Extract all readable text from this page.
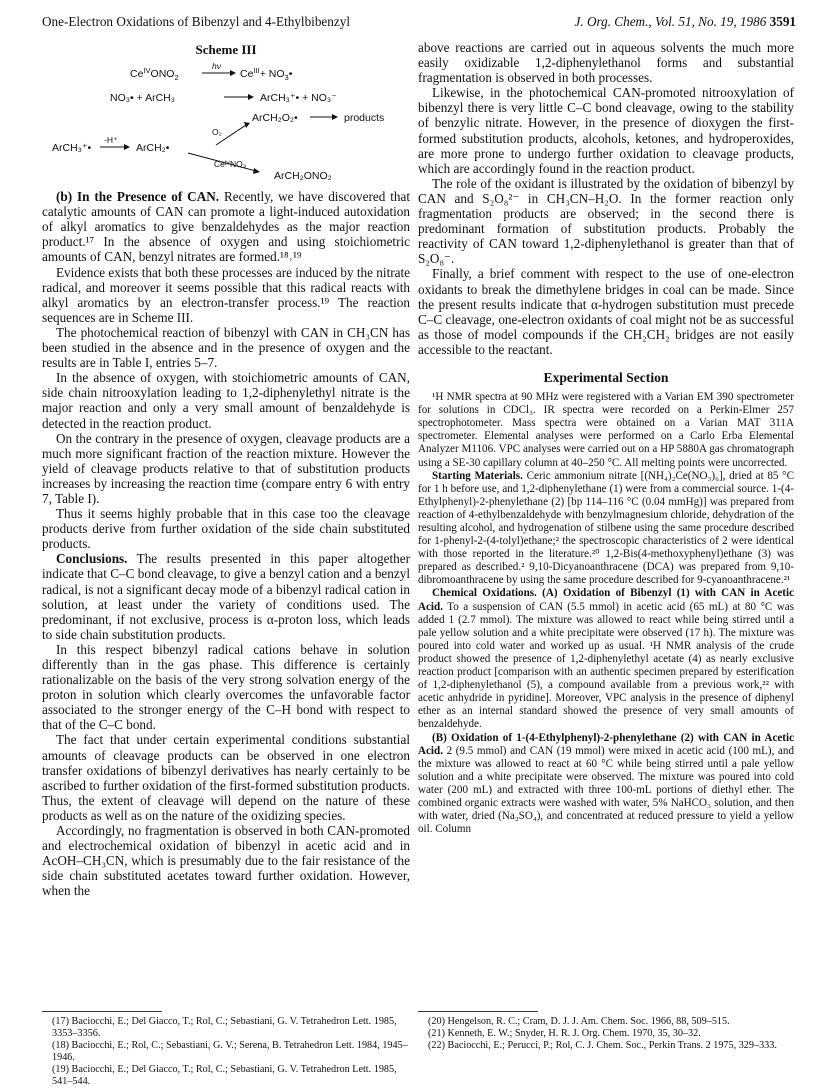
One-Electron Oxidations of Bibenzyl and 4-Ethylbibenzyl	J. Org. Chem., Vol. 51, No. 19, 1986 3591
Scheme III
$Ce^{IV}ONO_2$
hν
$Ce^{III}+$ $NO_3•$
NO₃• + ArCH₃	ArCH₃⁺• + NO₃⁻
ArCH₂O₂•	products
O₂
ArCH₃⁺•
-H⁺
ArCH₂•
CeᴵⱽNO₃
ArCH₂ONO₂

(b) In the Presence of CAN. Recently, we have discovered that catalytic amounts of CAN can promote a light-induced autoxidation of alkyl aromatics to give benzaldehydes as the major reaction product.¹⁷ In the absence of oxygen and using stoichiometric amounts of CAN, benzyl nitrates are formed.¹⁸˒¹⁹

Evidence exists that both these processes are induced by the nitrate radical, and moreover it seems possible that this radical reacts with alkyl aromatics by an electron-transfer process.¹⁹ The reaction sequences are in Scheme III.

The photochemical reaction of bibenzyl with CAN in CH₃CN has been studied in the absence and in the presence of oxygen and the results are in Table I, entries 5–7.

In the absence of oxygen, with stoichiometric amounts of CAN, side chain nitrooxylation leading to 1,2-diphenylethyl nitrate is the major reaction and only a very small amount of benzaldehyde is detected in the reaction product.

On the contrary in the presence of oxygen, cleavage products are a much more significant fraction of the reaction mixture. However the yield of cleavage products relative to that of substitution products increases by increasing the reaction time (compare entry 6 with entry 7, Table I).

Thus it seems highly probable that in this case too the cleavage products derive from further oxidation of the side chain substituted products.

Conclusions. The results presented in this paper altogether indicate that C–C bond cleavage, to give a benzyl cation and a benzyl radical, is not a significant decay mode of a bibenzyl radical cation in solution, at least under the variety of conditions used. The predominant, if not exclusive, process is α-proton loss, which leads to side chain substitution products.

In this respect bibenzyl radical cations behave in solution differently than in the gas phase. This difference is certainly rationalizable on the basis of the very strong solvation energy of the proton in solution which clearly overcomes the unfavorable factor associated to the stronger energy of the C–H bond with respect to that of the C–C bond.

The fact that under certain experimental conditions substantial amounts of cleavage products can be observed in one electron transfer oxidations of bibenzyl derivatives has nearly certainly to be ascribed to further oxidation of the first-formed substitution products. Thus, the extent of cleavage will depend on the nature of these products as well as on the nature of the oxidizing species.

Accordingly, no fragmentation is observed in both CAN-promoted and electrochemical oxidation of bibenzyl in acetic acid and in AcOH–CH₃CN, which is presumably due to the fair resistance of the side chain substituted acetates toward further oxidation. However, when the

above reactions are carried out in aqueous solvents the much more easily oxidizable 1,2-diphenylethanol forms and substantial fragmentation is observed in both processes.

Likewise, in the photochemical CAN-promoted nitrooxylation of bibenzyl there is very little C–C bond cleavage, owing to the stability of benzylic nitrate. However, in the presence of dioxygen the first-formed substitution products, alcohols, ketones, and hydroperoxides, are more prone to undergo further oxidation to cleavage products, which are accordingly found in the reaction product.

The role of the oxidant is illustrated by the oxidation of bibenzyl by CAN and S₂O₈²⁻ in CH₃CN–H₂O. In the former reaction only fragmentation products are observed; in the second there is predominant formation of substitution products. Probably the reactivity of CAN toward 1,2-diphenylethanol is greater than that of S₂O₈⁻.

Finally, a brief comment with respect to the use of one-electron oxidants to break the dimethylene bridges in coal can be made. Since the present results indicate that α-hydrogen substitution must precede C–C cleavage, one-electron oxidants of coal might not be as successful as those of model compounds if the CH₂CH₂ bridges are not easily accessible to the reactant.

Experimental Section

¹H NMR spectra at 90 MHz were registered with a Varian EM 390 spectrometer for solutions in CDCl₃. IR spectra were recorded on a Perkin-Elmer 257 spectrophotometer. Mass spectra were obtained on a Varian MAT 311A spectrometer. Elemental analyses were performed on a Carlo Erba Elemental Analyzer M1106. VPC analyses were carried out on a HP 5880A gas chromatograph using a SE-30 capillary column at 40–250 °C. All melting points were uncorrected.

Starting Materials. Ceric ammonium nitrate [(NH₄)₂Ce(NO₃)₆], dried at 85 °C for 1 h before use, and 1,2-diphenylethane (1) were from a commercial source. 1-(4-Ethylphenyl)-2-phenylethane (2) [bp 114–116 °C (0.04 mmHg)] was prepared from reaction of 4-ethylbenzaldehyde with benzylmagnesium chloride, dehydration of the resulting alcohol, and hydrogenation of stilbene using the same procedure described for 1-phenyl-2-(4-tolyl)ethane;² the spectroscopic characteristics of 2 were identical with those reported in the literature.²⁰ 1,2-Bis(4-methoxyphenyl)ethane (3) was prepared as described.² 9,10-Dicyanoanthracene (DCA) was prepared from 9,10-dibromoanthracene by using the same procedure described for 9-cyanoanthracene.²¹

Chemical Oxidations. (A) Oxidation of Bibenzyl (1) with CAN in Acetic Acid. To a suspension of CAN (5.5 mmol) in acetic acid (65 mL) at 80 °C was added 1 (2.7 mmol). The mixture was allowed to react while being stirred until a pale yellow solution and a white precipitate were observed (17 h). The mixture was poured into cold water and worked up as usual. ¹H NMR analysis of the crude product showed the presence of 1,2-diphenylethyl acetate (4) as nearly exclusive reaction product [comparison with an authentic specimen prepared by esterification of 1,2-diphenylethanol (5), a compound available from a previous work,²² with acetic anhydride in pyridine]. Moreover, VPC analysis in the presence of diphenyl ether as an internal standard showed the presence of very small amounts of benzaldehyde.

(B) Oxidation of 1-(4-Ethylphenyl)-2-phenylethane (2) with CAN in Acetic Acid. 2 (9.5 mmol) and CAN (19 mmol) were mixed in acetic acid (100 mL), and the mixture was allowed to react at 60 °C while being stirred until a pale yellow solution and a white precipitate were observed. The mixture was poured into cold water (200 mL) and extracted with three 100-mL portions of diethyl ether. The combined organic extracts were washed with water, 5% NaHCO₃ solution, and then with water, dried (Na₂SO₄), and concentrated at reduced pressure to yield a yellow oil. Column

(17) Baciocchi, E.; Del Giacco, T.; Rol, C.; Sebastiani, G. V. Tetrahedron Lett. 1985, 3353–3356.

(18) Baciocchi, E.; Rol, C.; Sebastiani, G. V.; Serena, B. Tetrahedron Lett. 1984, 1945–1946.

(19) Baciocchi, E.; Del Giacco, T.; Rol, C.; Sebastiani, G. V. Tetrahedron Lett. 1985, 541–544.

(20) Hengelson, R. C.; Cram, D. J. J. Am. Chem. Soc. 1966, 88, 509–515.

(21) Kenneth, E. W.; Snyder, H. R. J. Org. Chem. 1970, 35, 30–32.

(22) Baciocchi, E.; Perucci, P.; Rol, C. J. Chem. Soc., Perkin Trans. 2 1975, 329–333.
